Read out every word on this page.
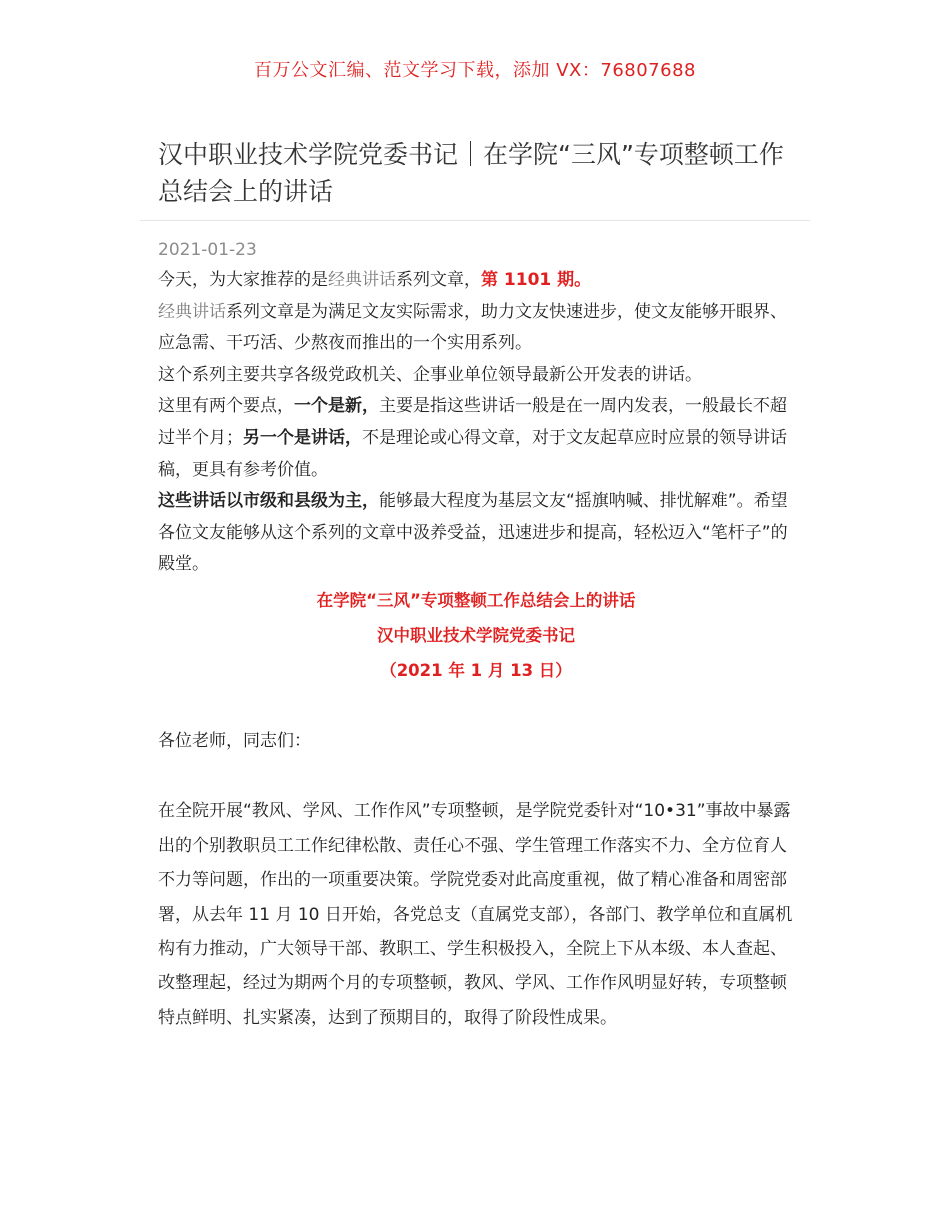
百万公文汇编、范文学习下载，添加 VX：76807688
汉中职业技术学院党委书记｜在学院“三风”专项整顿工作总结会上的讲话
2021-01-23

今天，为大家推荐的是经典讲话系列文章，第 1101 期。

经典讲话系列文章是为满足文友实际需求，助力文友快速进步，使文友能够开眼界、应急需、干巧活、少熬夜而推出的一个实用系列。

这个系列主要共享各级党政机关、企事业单位领导最新公开发表的讲话。

这里有两个要点，一个是新，主要是指这些讲话一般是在一周内发表，一般最长不超过半个月；另一个是讲话，不是理论或心得文章，对于文友起草应时应景的领导讲话稿，更具有参考价值。

这些讲话以市级和县级为主，能够最大程度为基层文友“摇旗呐喊、排忧解难”。希望各位文友能够从这个系列的文章中汲养受益，迅速进步和提高，轻松迈入“笔杆子”的殿堂。

在学院“三风”专项整顿工作总结会上的讲话
汉中职业技术学院党委书记
（2021 年 1 月 13 日）

各位老师，同志们：

在全院开展“教风、学风、工作作风”专项整顿，是学院党委针对“10•31”事故中暴露出的个别教职员工工作纪律松散、责任心不强、学生管理工作落实不力、全方位育人不力等问题，作出的一项重要决策。学院党委对此高度重视，做了精心准备和周密部署，从去年 11 月 10 日开始，各党总支（直属党支部），各部门、教学单位和直属机构有力推动，广大领导干部、教职工、学生积极投入，全院上下从本级、本人查起、改整理起，经过为期两个月的专项整顿，教风、学风、工作作风明显好转，专项整顿特点鲜明、扎实紧凑，达到了预期目的，取得了阶段性成果。
